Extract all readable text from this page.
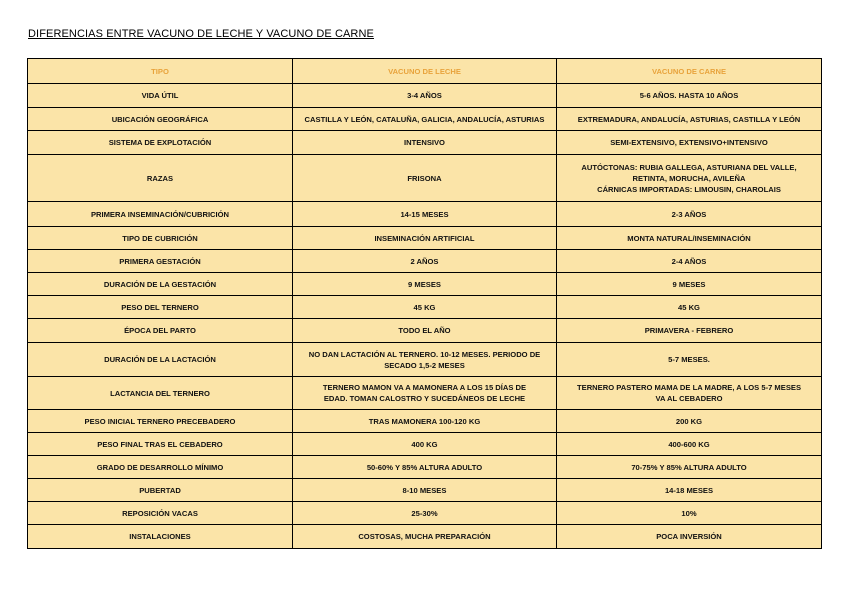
DIFERENCIAS ENTRE VACUNO DE LECHE Y VACUNO DE CARNE
TIPO	VACUNO DE LECHE	VACUNO DE CARNE
VIDA ÚTIL	3-4 AÑOS	5-6 AÑOS. HASTA 10 AÑOS
UBICACIÓN GEOGRÁFICA	CASTILLA Y LEÓN, CATALUÑA, GALICIA, ANDALUCÍA, ASTURIAS	EXTREMADURA, ANDALUCÍA, ASTURIAS, CASTILLA Y LEÓN
SISTEMA DE EXPLOTACIÓN	INTENSIVO	SEMI-EXTENSIVO, EXTENSIVO+INTENSIVO
RAZAS	FRISONA	AUTÓCTONAS: RUBIA GALLEGA, ASTURIANA DEL VALLE,
RETINTA, MORUCHA, AVILEÑA
CÁRNICAS IMPORTADAS: LIMOUSIN, CHAROLAIS
PRIMERA INSEMINACIÓN/CUBRICIÓN	14-15 MESES	2-3 AÑOS
TIPO DE CUBRICIÓN	INSEMINACIÓN ARTIFICIAL	MONTA NATURAL/INSEMINACIÓN
PRIMERA GESTACIÓN	2 AÑOS	2-4 AÑOS
DURACIÓN DE LA GESTACIÓN	9 MESES	9 MESES
PESO DEL TERNERO	45 KG	45 KG
ÉPOCA DEL PARTO	TODO EL AÑO	PRIMAVERA - FEBRERO
DURACIÓN DE LA LACTACIÓN	NO DAN LACTACIÓN AL TERNERO. 10-12 MESES. PERIODO DE
SECADO 1,5-2 MESES	5-7 MESES.
LACTANCIA DEL TERNERO	TERNERO MAMON VA A MAMONERA A LOS 15 DÍAS DE
EDAD. TOMAN CALOSTRO Y SUCEDÁNEOS DE LECHE	TERNERO PASTERO MAMA DE LA MADRE, A LOS 5-7 MESES
VA AL CEBADERO
PESO INICIAL TERNERO PRECEBADERO	TRAS MAMONERA 100-120 KG	200 KG
PESO FINAL TRAS EL CEBADERO	400 KG	400-600 KG
GRADO DE DESARROLLO MÍNIMO	50-60% Y 85% ALTURA ADULTO	70-75% Y 85% ALTURA ADULTO
PUBERTAD	8-10 MESES	14-18 MESES
REPOSICIÓN VACAS	25-30%	10%
INSTALACIONES	COSTOSAS, MUCHA PREPARACIÓN	POCA INVERSIÓN
